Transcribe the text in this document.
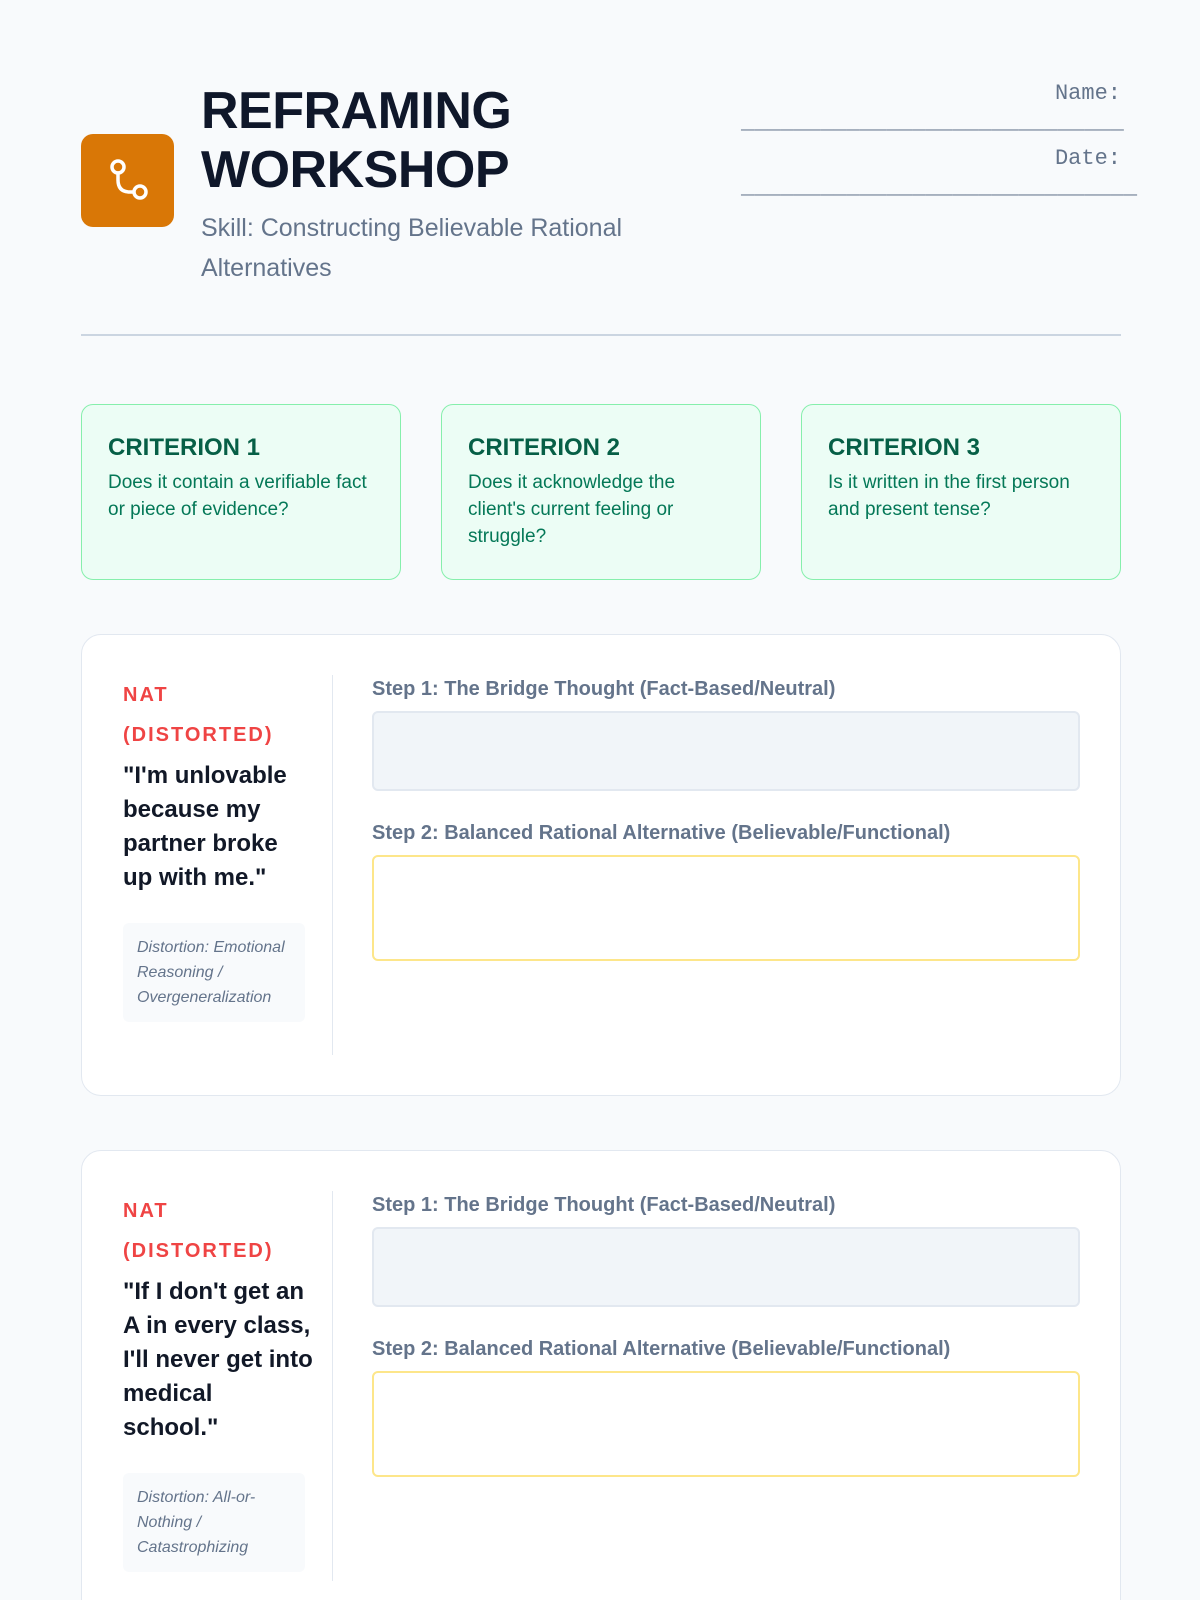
REFRAMING WORKSHOP
Skill: Constructing Believable Rational Alternatives
Name:
_____________________________
Date:
______________________________
CRITERION 1
Does it contain a verifiable fact or piece of evidence?
CRITERION 2
Does it acknowledge the client's current feeling or struggle?
CRITERION 3
Is it written in the first person and present tense?
NAT (DISTORTED)
"I'm unlovable because my partner broke up with me."
Distortion: Emotional Reasoning / Overgeneralization
Step 1: The Bridge Thought (Fact-Based/Neutral)
Step 2: Balanced Rational Alternative (Believable/Functional)
NAT (DISTORTED)
"If I don't get an A in every class, I'll never get into medical school."
Distortion: All-or-Nothing / Catastrophizing
Step 1: The Bridge Thought (Fact-Based/Neutral)
Step 2: Balanced Rational Alternative (Believable/Functional)
